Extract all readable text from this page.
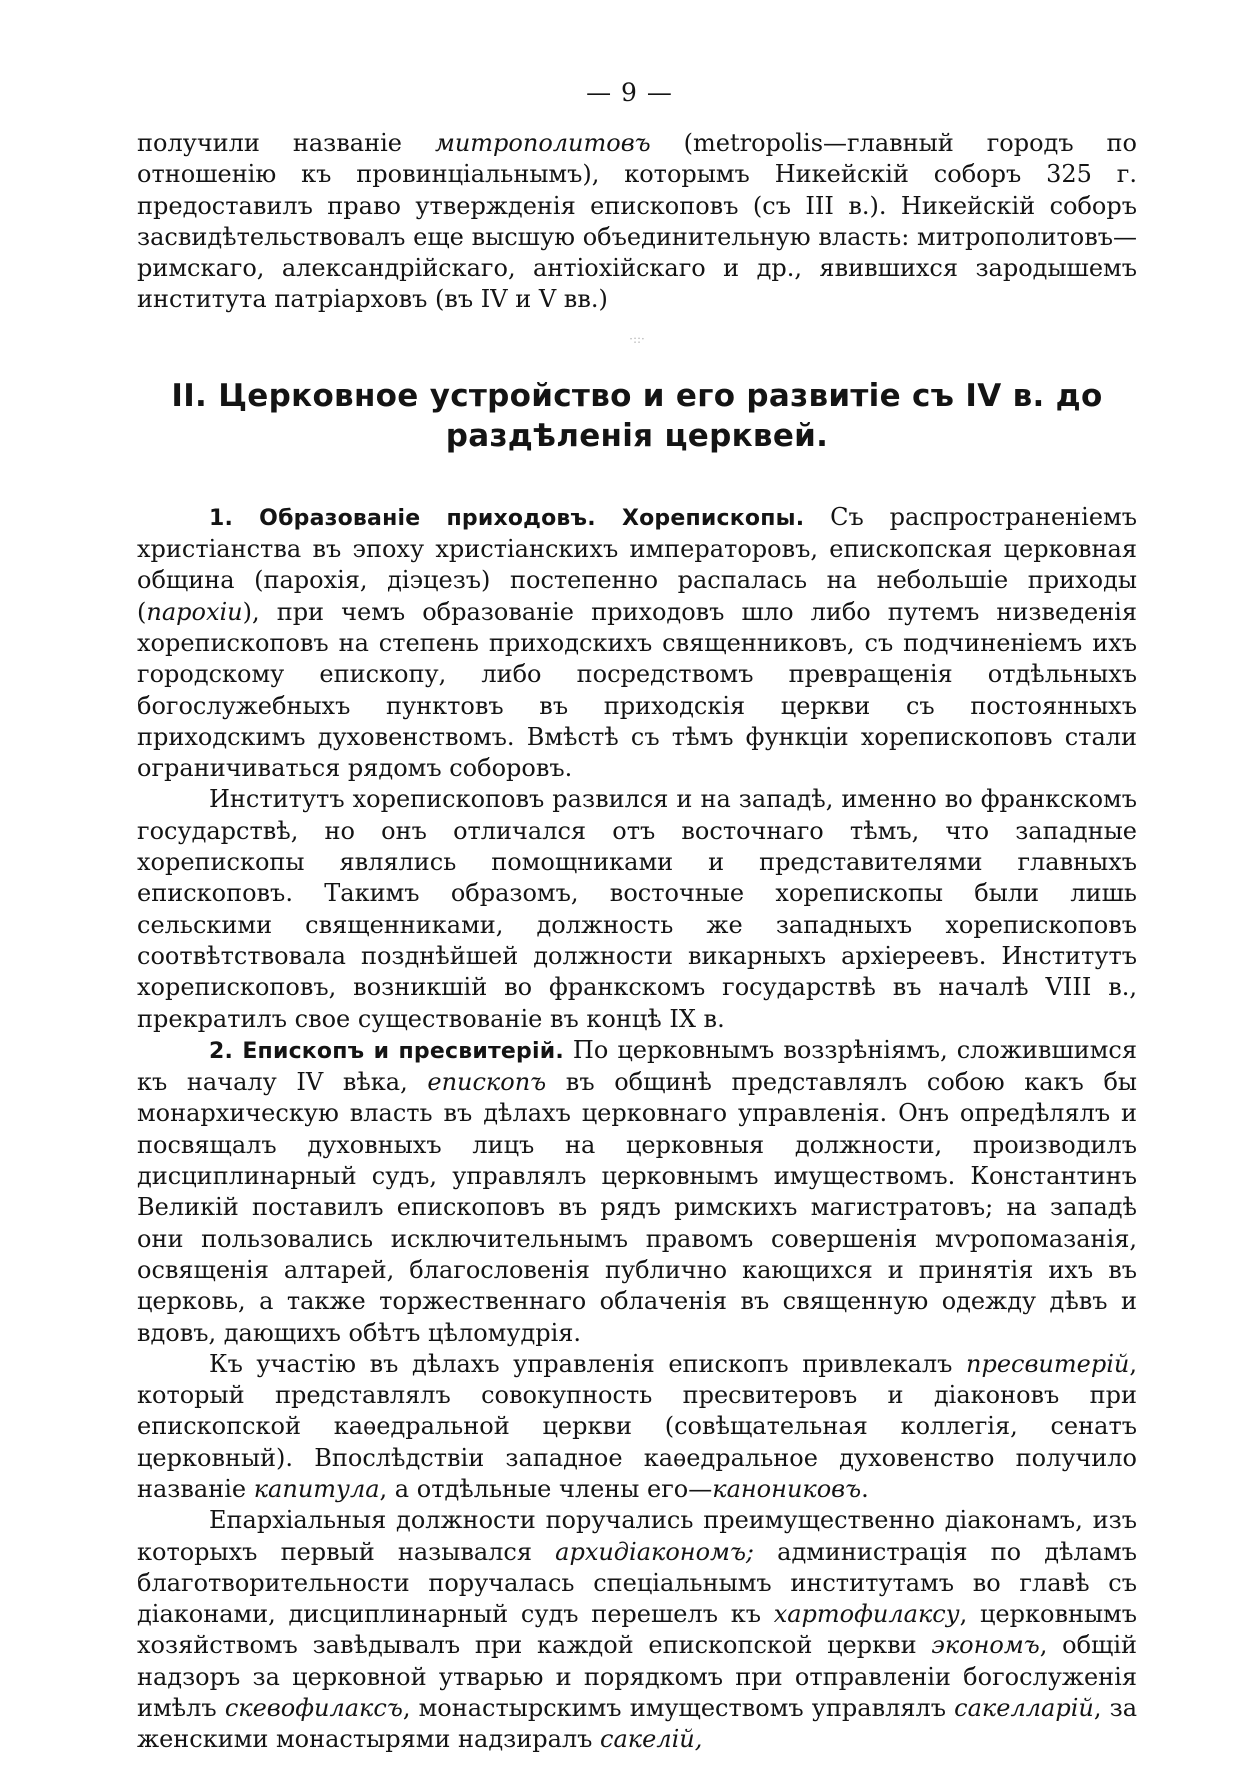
— 9 —

получили названіе митрополитовъ (metropolis—главный городъ по отношенію къ провинціальнымъ), которымъ Никейскій соборъ 325 г. предоставилъ право утвержденія епископовъ (съ III в.). Никейскій соборъ засвидѣтельствовалъ еще высшую объединительную власть: митрополитовъ—римскаго, александрійскаго, антіохійскаго и др., явившихся зародышемъ института патріарховъ (въ IV и V вв.)

·::·
II. Церковное устройство и его развитіе съ IV в. до раздѣленія церквей.

1. Образованіе приходовъ. Хорепископы. Съ распространеніемъ христіанства въ эпоху христіанскихъ императоровъ, епископская церковная община (парохія, діэцезъ) постепенно распалась на небольшіе приходы (парохіи), при чемъ образованіе приходовъ шло либо путемъ низведенія хорепископовъ на степень приходскихъ священниковъ, съ подчиненіемъ ихъ городскому епископу, либо посредствомъ превращенія отдѣльныхъ богослужебныхъ пунктовъ въ приходскія церкви съ постоянныхъ приходскимъ духовенствомъ. Вмѣстѣ съ тѣмъ функціи хорепископовъ стали ограничиваться рядомъ соборовъ.

Институтъ хорепископовъ развился и на западѣ, именно во франкскомъ государствѣ, но онъ отличался отъ восточнаго тѣмъ, что западные хорепископы являлись помощниками и представителями главныхъ епископовъ. Такимъ образомъ, восточные хорепископы были лишь сельскими священниками, должность же западныхъ хорепископовъ соотвѣтствовала позднѣйшей должности викарныхъ архіереевъ. Институтъ хорепископовъ, возникшій во франкскомъ государствѣ въ началѣ VIII в., прекратилъ свое существованіе въ концѣ IX в.

2. Епископъ и пресвитерій. По церковнымъ воззрѣніямъ, сложившимся къ началу IV вѣка, епископъ въ общинѣ представлялъ собою какъ бы монархическую власть въ дѣлахъ церковнаго управленія. Онъ опредѣлялъ и посвящалъ духовныхъ лицъ на церковныя должности, производилъ дисциплинарный судъ, управлялъ церковнымъ имуществомъ. Константинъ Великій поставилъ епископовъ въ рядъ римскихъ магистратовъ; на западѣ они пользовались исключительнымъ правомъ совершенія мѵропомазанія, освященія алтарей, благословенія публично кающихся и принятія ихъ въ церковь, а также торжественнаго облаченія въ священную одежду дѣвъ и вдовъ, дающихъ обѣтъ цѣломудрія.

Къ участію въ дѣлахъ управленія епископъ привлекалъ пресвитерій, который представлялъ совокупность пресвитеровъ и діаконовъ при епископской каѳедральной церкви (совѣщательная коллегія, сенатъ церковный). Впослѣдствіи западное каѳедральное духовенство получило названіе капитула, а отдѣльные члены его—канониковъ.

Епархіальныя должности поручались преимущественно діаконамъ, изъ которыхъ первый назывался архидіакономъ; администрація по дѣламъ благотворительности поручалась спеціальнымъ институтамъ во главѣ съ діаконами, дисциплинарный судъ перешелъ къ хартофилаксу, церковнымъ хозяйствомъ завѣдывалъ при каждой епископской церкви экономъ, общій надзоръ за церковной утварью и порядкомъ при отправленіи богослуженія имѣлъ скевофилаксъ, монастырскимъ имуществомъ управлялъ сакелларій, за женскими монастырями надзиралъ сакелій,
